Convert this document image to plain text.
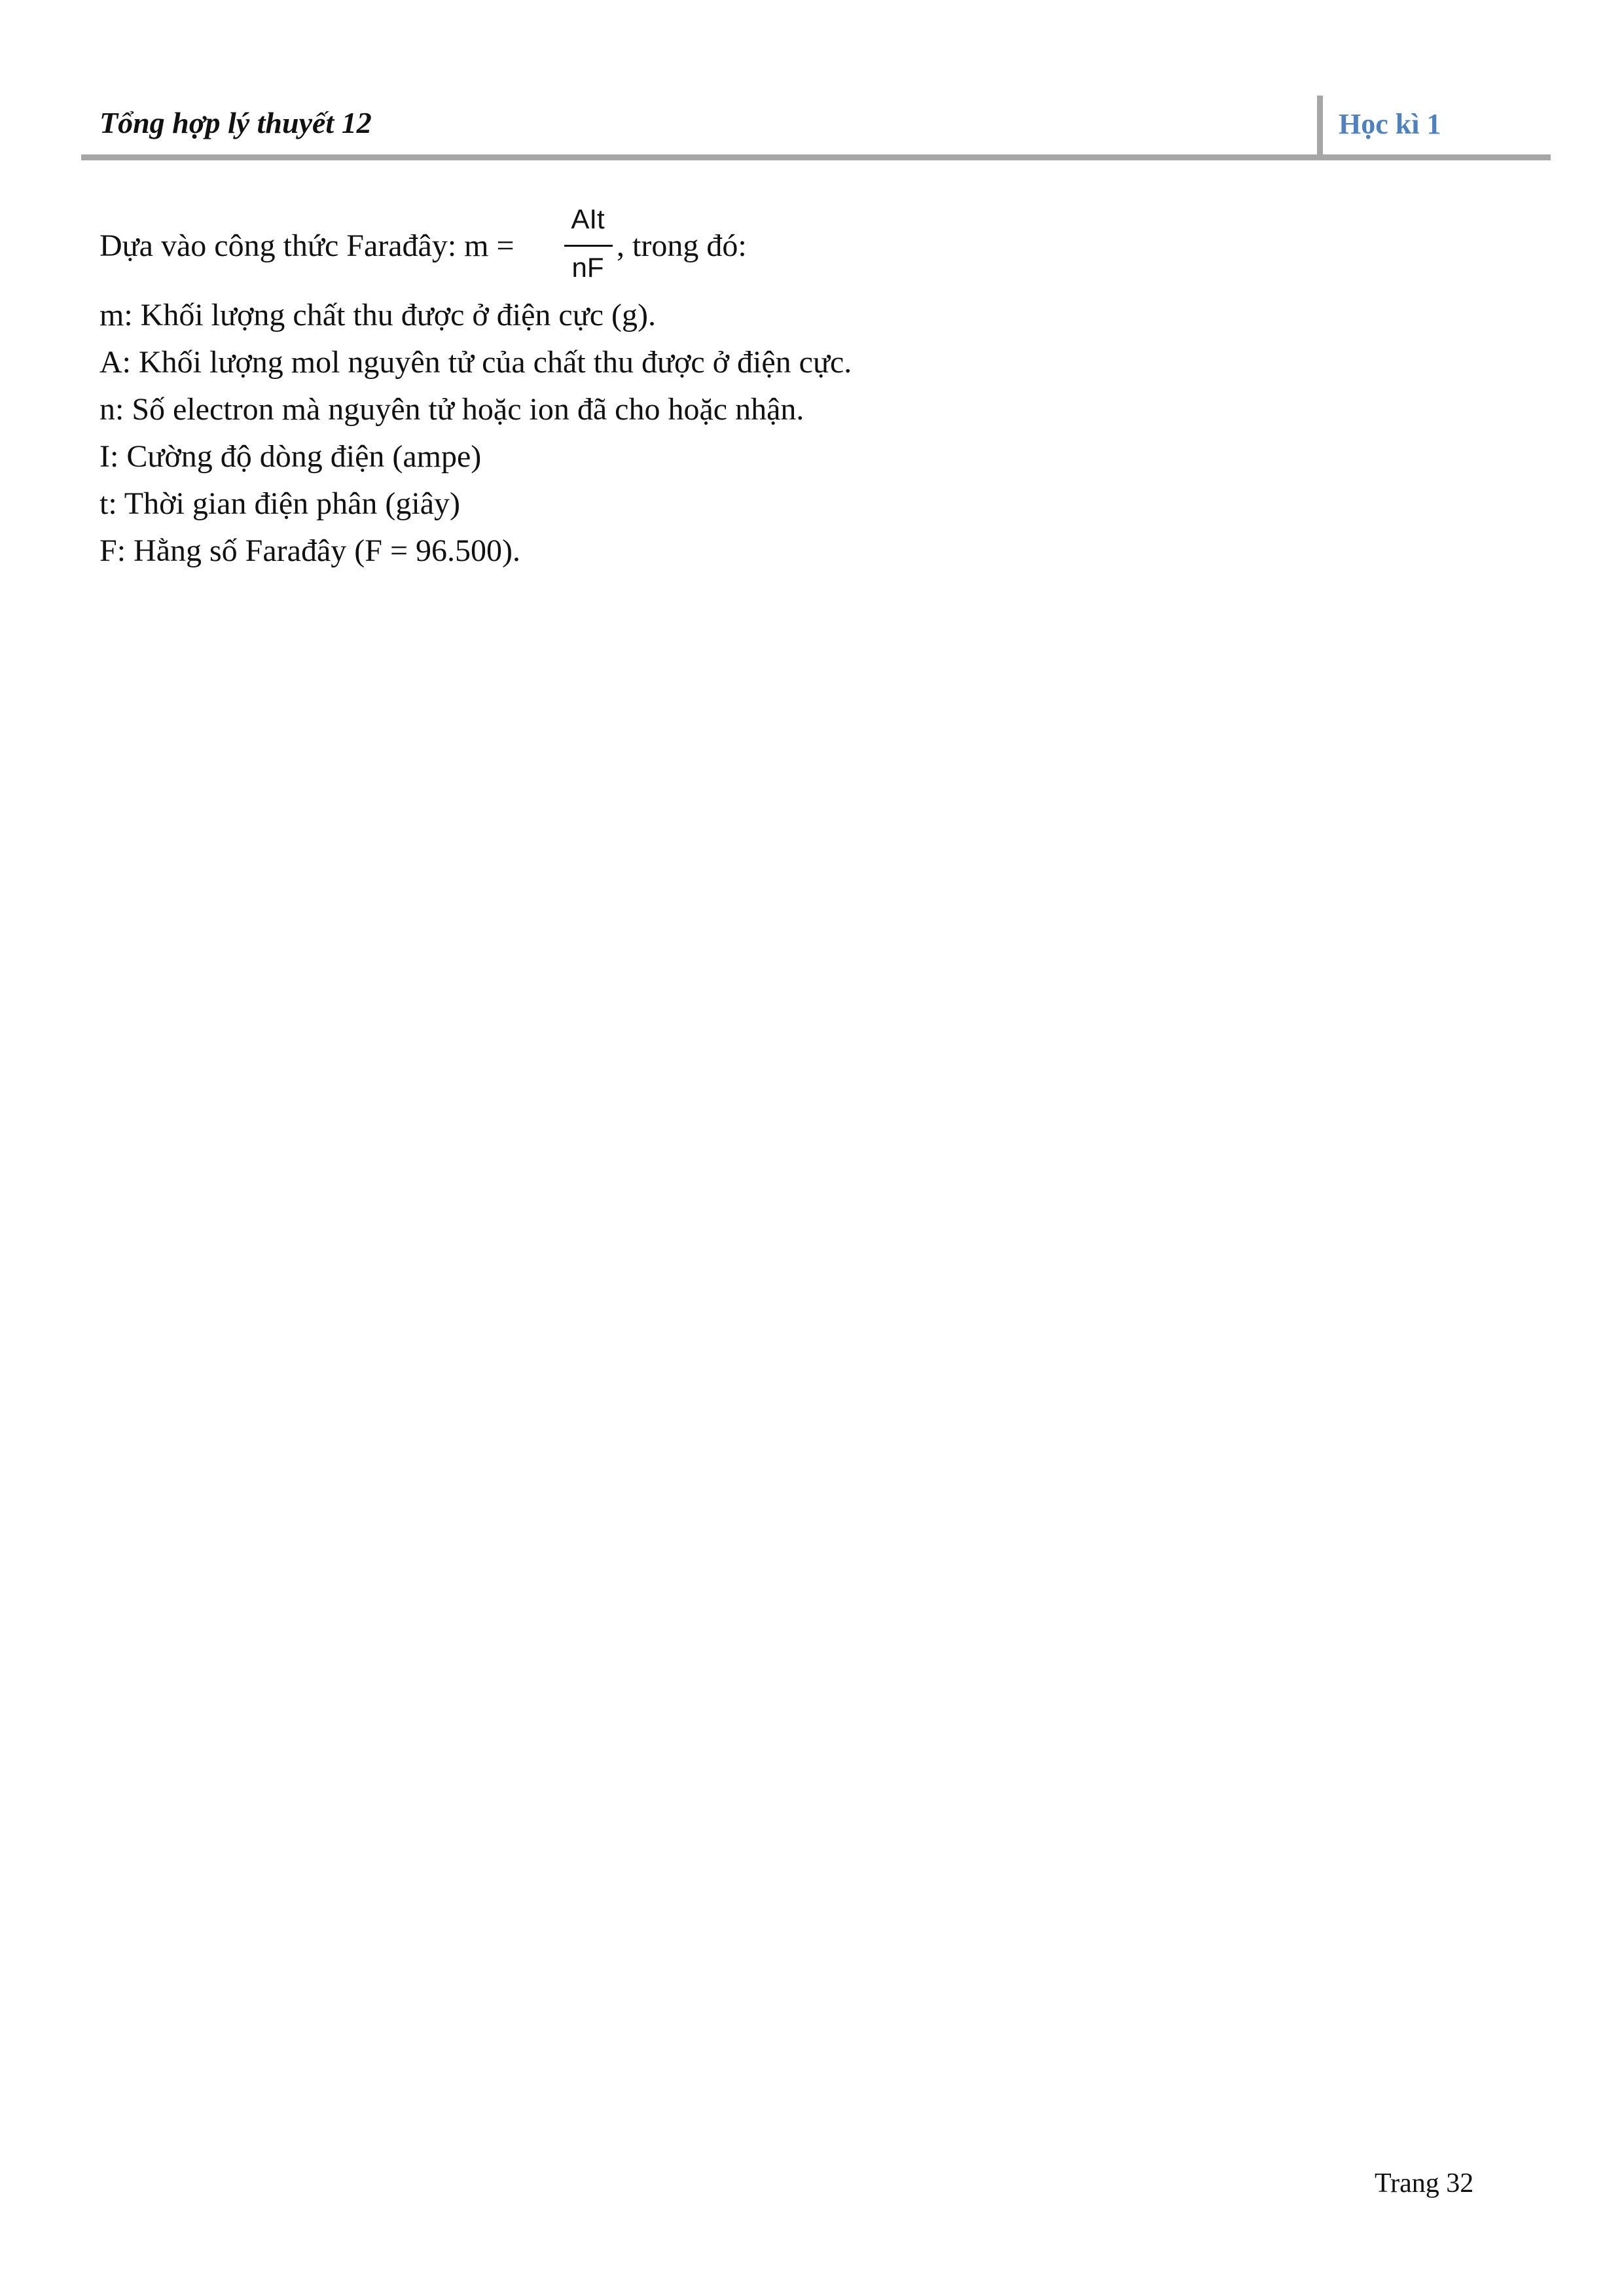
Tổng hợp lý thuyết 12	Học kì 1
Dựa vào công thức Farađây: m =
AIt
nF
, trong đó:
m: Khối lượng chất thu được ở điện cực (g).
A: Khối lượng mol nguyên tử của chất thu được ở điện cực.
n: Số electron mà nguyên tử hoặc ion đã cho hoặc nhận.
I: Cường độ dòng điện (ampe)
t: Thời gian điện phân (giây)
F: Hằng số Farađây (F = 96.500).
Trang 32
